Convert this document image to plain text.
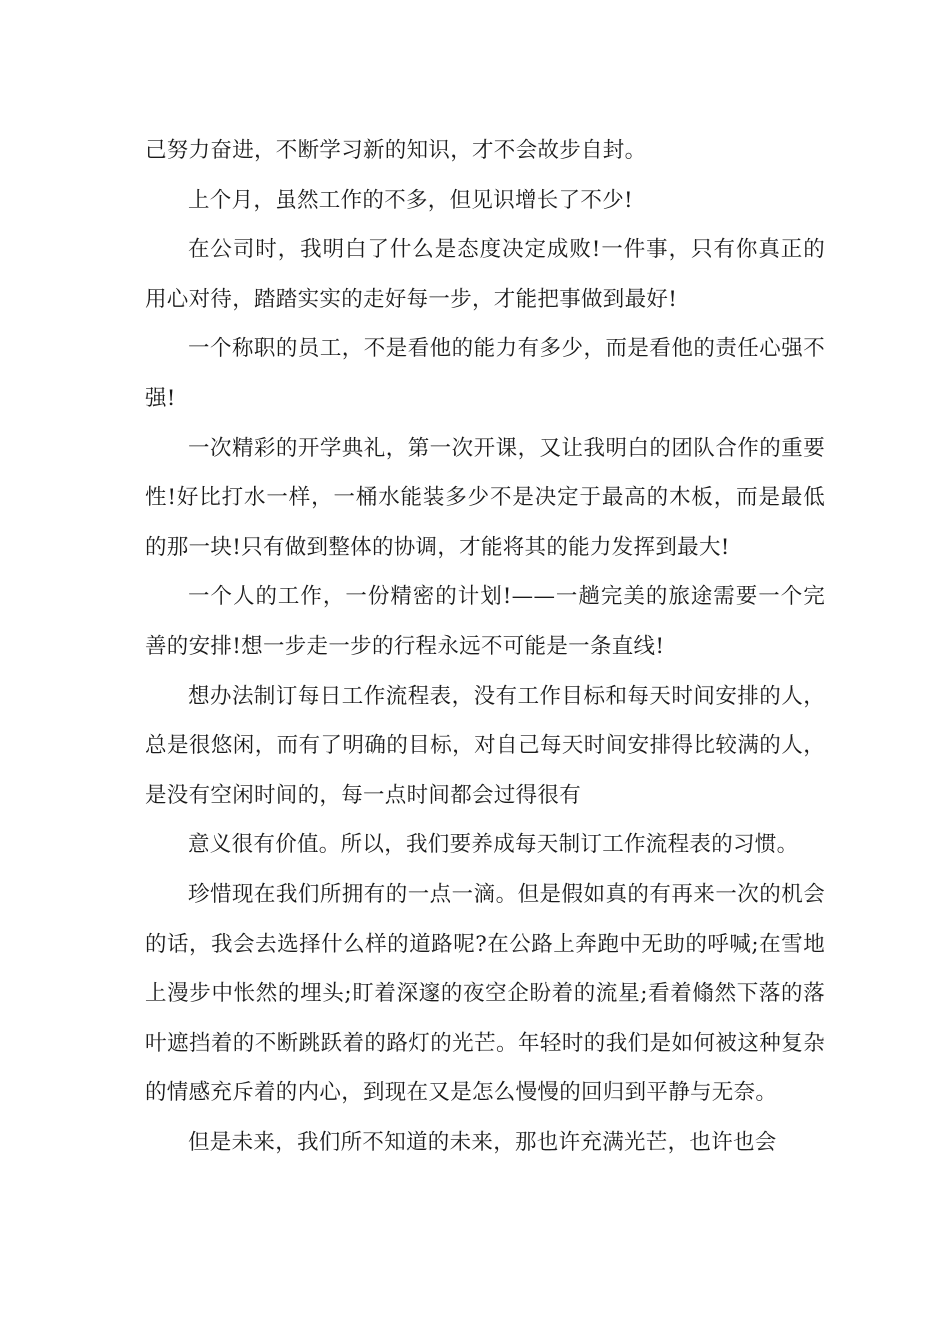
己努力奋进，不断学习新的知识，才不会故步自封。

上个月，虽然工作的不多，但见识增长了不少!

在公司时，我明白了什么是态度决定成败!一件事，只有你真正的用心对待，踏踏实实的走好每一步，才能把事做到最好!

一个称职的员工，不是看他的能力有多少，而是看他的责任心强不强!

一次精彩的开学典礼，第一次开课，又让我明白的团队合作的重要性!好比打水一样，一桶水能装多少不是决定于最高的木板，而是最低的那一块!只有做到整体的协调，才能将其的能力发挥到最大!

一个人的工作，一份精密的计划!——一趟完美的旅途需要一个完善的安排!想一步走一步的行程永远不可能是一条直线!

想办法制订每日工作流程表，没有工作目标和每天时间安排的人，总是很悠闲，而有了明确的目标，对自己每天时间安排得比较满的人，是没有空闲时间的，每一点时间都会过得很有

意义很有价值。所以，我们要养成每天制订工作流程表的习惯。

珍惜现在我们所拥有的一点一滴。但是假如真的有再来一次的机会的话，我会去选择什么样的道路呢?在公路上奔跑中无助的呼喊;在雪地上漫步中怅然的埋头;盯着深邃的夜空企盼着的流星;看着翛然下落的落叶遮挡着的不断跳跃着的路灯的光芒。年轻时的我们是如何被这种复杂的情感充斥着的内心，到现在又是怎么慢慢的回归到平静与无奈。

但是未来，我们所不知道的未来，那也许充满光芒，也许也会
